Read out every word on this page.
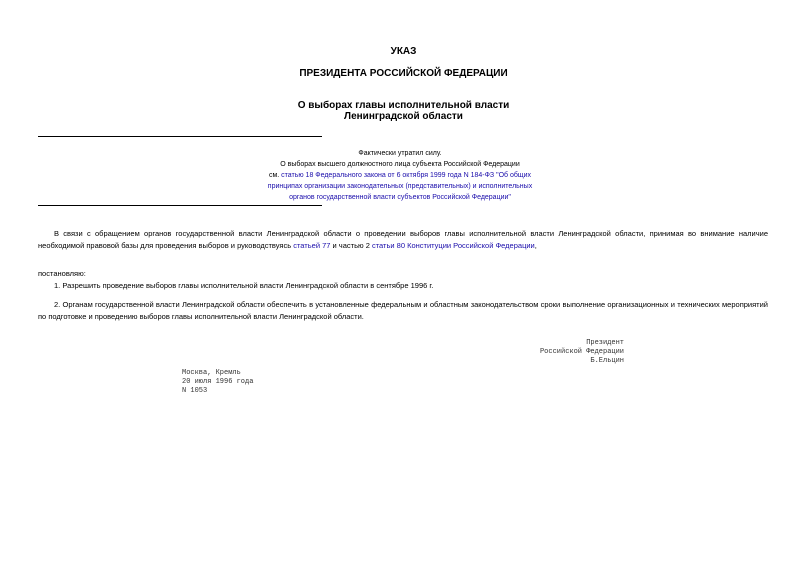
УКАЗ
ПРЕЗИДЕНТА РОССИЙСКОЙ ФЕДЕРАЦИИ
О выборах главы исполнительной власти
Ленинградской области
Фактически утратил силу.
О выборах высшего должностного лица субъекта Российской Федерации
см. статью 18 Федерального закона от 6 октября 1999 года N 184-ФЗ "Об общих
принципах организации законодательных (представительных) и исполнительных
органов государственной власти субъектов Российской Федерации"
В связи с обращением органов государственной власти Ленинградской области о проведении выборов главы исполнительной власти Ленинградской области, принимая во внимание наличие необходимой правовой базы для проведения выборов и руководствуясь статьей 77 и частью 2 статьи 80 Конституции Российской Федерации,
постановляю:
1. Разрешить проведение выборов главы исполнительной власти Ленинградской области в сентябре 1996 г.
2. Органам государственной власти Ленинградской области обеспечить в установленные федеральным и областным законодательством сроки выполнение организационных и технических мероприятий по подготовке и проведению выборов главы исполнительной власти Ленинградской области.
Президент
Российской Федерации
Б.Ельцин
Москва, Кремль
20 июля 1996 года
N 1053
